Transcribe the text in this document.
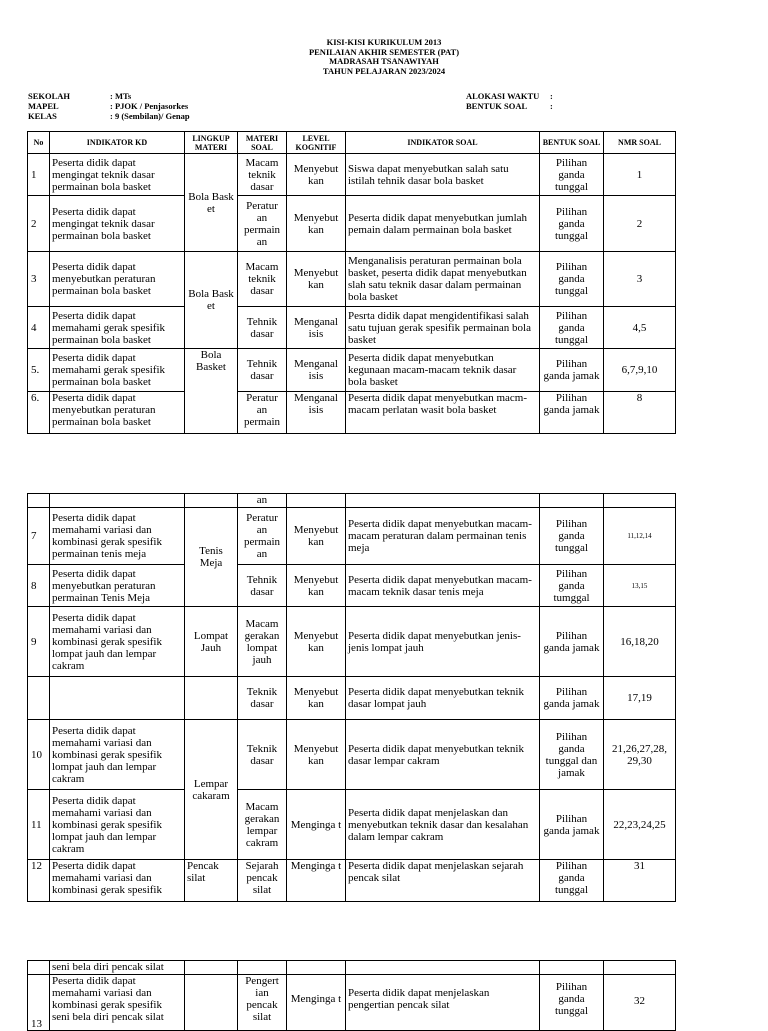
KISI-KISI KURIKULUM 2013
PENILAIAN AKHIR SEMESTER (PAT)
MADRASAH TSANAWIYAH
TAHUN PELAJARAN 2023/2024
SEKOLAH	: MTs
MAPEL	: PJOK / Penjasorkes
KELAS	: 9 (Sembilan)/ Genap
ALOKASI WAKTU	:
BENTUK SOAL	:
No	INDIKATOR KD	LINGKUP MATERI	MATERI SOAL	LEVEL KOGNITIF	INDIKATOR SOAL	BENTUK SOAL	NMR SOAL
1	Peserta didik dapat mengingat teknik dasar permainan bola basket	Bola Bask et	Macam teknik dasar	Menyebut kan	Siswa dapat menyebutkan salah satu istilah tehnik dasar bola basket	Pilihan ganda tunggal	1
2	Peserta didik dapat mengingat teknik dasar permainan bola basket		Peratur an permain an	Menyebut kan	Peserta didik dapat menyebutkan jumlah pemain dalam permainan bola basket	Pilihan ganda tunggal	2
3	Peserta didik dapat menyebutkan peraturan permainan bola basket	Bola Bask et	Macam teknik dasar	Menyebut kan	Menganalisis peraturan permainan bola basket, peserta didik dapat menyebutkan slah satu teknik dasar dalam permainan bola basket	Pilihan ganda tunggal	3
4	Peserta didik dapat memahami gerak spesifik permainan bola basket		Tehnik dasar	Menganal isis	Pesrta didik dapat mengidentifikasi salah satu tujuan gerak spesifik permainan bola basket	Pilihan ganda tunggal	4,5
5.	Peserta didik dapat memahami gerak spesifik permainan bola basket	Bola Basket	Tehnik dasar	Menganal isis	Peserta didik dapat menyebutkan kegunaan macam-macam teknik dasar bola basket	Pilihan ganda jamak	6,7,9,10
6.	Peserta didik dapat menyebutkan peraturan permainan bola basket		Peratur an permain	Menganal isis	Peserta didik dapat menyebutkan macm-macam perlatan wasit bola basket	Pilihan ganda jamak	8
			an				
7	Peserta didik dapat memahami variasi dan kombinasi gerak spesifik permainan tenis meja	Tenis Meja	Peratur an permain an	Menyebut kan	Peserta didik dapat menyebutkan macam-macam peraturan dalam permainan tenis meja	Pilihan ganda tunggal	11,12,14
8	Peserta didik dapat menyebutkan peraturan permainan Tenis Meja		Tehnik dasar	Menyebut kan	Peserta didik dapat menyebutkan macam-macam teknik dasar tenis meja	Pilihan ganda tumggal	13,15
9	Peserta didik dapat memahami variasi dan kombinasi gerak spesifik lompat jauh dan lempar cakram	Lompat Jauh	Macam gerakan lompat jauh	Menyebut kan	Peserta didik dapat menyebutkan jenis-jenis lompat jauh	Pilihan ganda jamak	16,18,20
			Teknik dasar	Menyebut kan	Peserta didik dapat menyebutkan teknik dasar lompat jauh	Pilihan ganda jamak	17,19
10	Peserta didik dapat memahami variasi dan kombinasi gerak spesifik lompat jauh dan lempar cakram	Lempar cakaram	Teknik dasar	Menyebut kan	Peserta didik dapat menyebutkan teknik dasar lempar cakram	Pilihan ganda tunggal dan jamak	21,26,27,28, 29,30
11	Peserta didik dapat memahami variasi dan kombinasi gerak spesifik lompat jauh dan lempar cakram		Macam gerakan lempar cakram	Menginga t	Peserta didik dapat menjelaskan dan menyebutkan teknik dasar dan kesalahan dalam lempar cakram	Pilihan ganda jamak	22,23,24,25
12	Peserta didik dapat memahami variasi dan kombinasi gerak spesifik	Pencak silat	Sejarah pencak silat	Menginga t	Peserta didik dapat menjelaskan sejarah pencak silat	Pilihan ganda tunggal	31
	seni bela diri pencak silat						
13	Peserta didik dapat memahami variasi dan kombinasi gerak spesifik seni bela diri pencak silat		Pengert ian pencak silat	Menginga t	Peserta didik dapat menjelaskan pengertian pencak silat	Pilihan ganda tunggal	32
